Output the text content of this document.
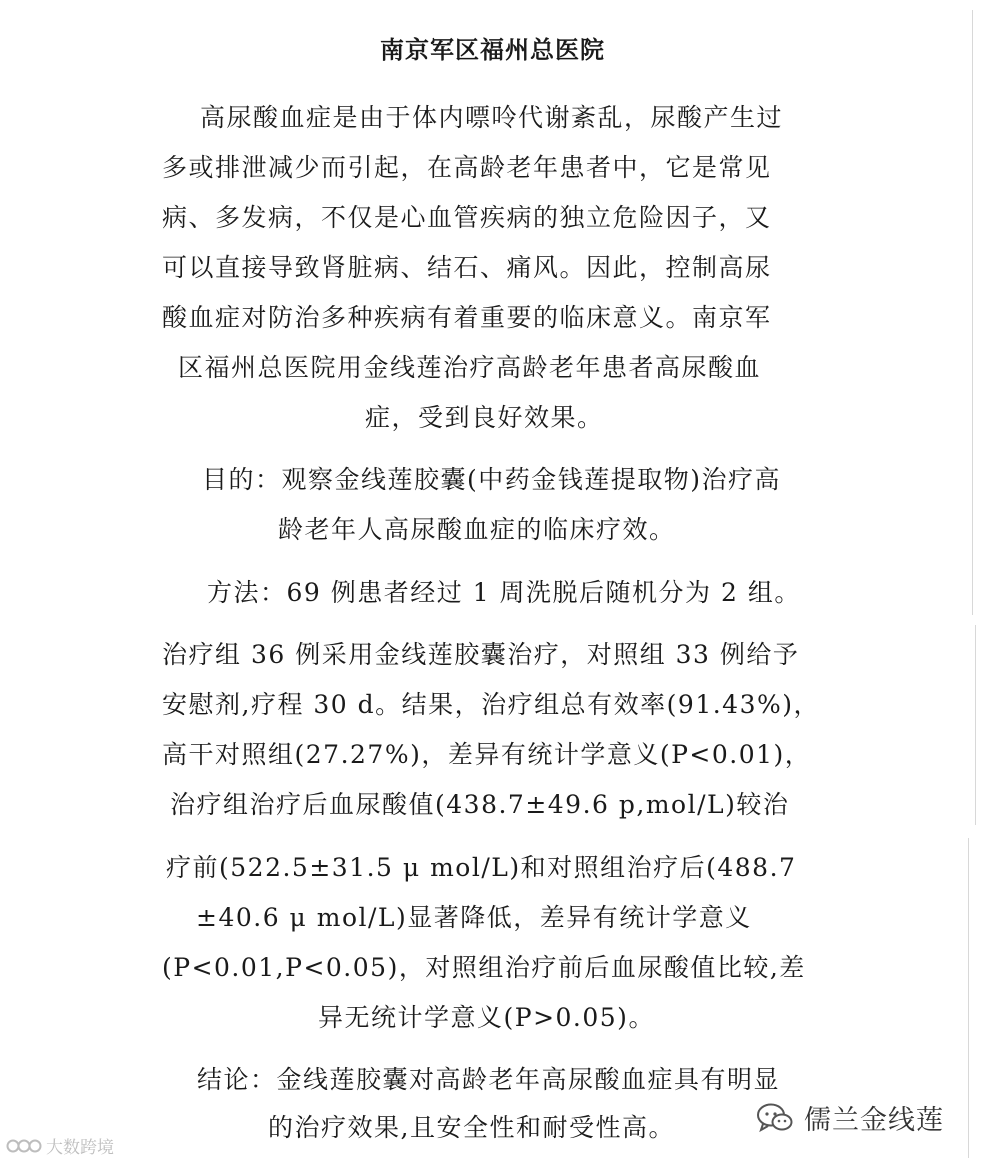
南京军区福州总医院

高尿酸血症是由于体内嘌呤代谢紊乱，尿酸产生过

多或排泄减少而引起，在高龄老年患者中，它是常见

病、多发病，不仅是心血管疾病的独立危险因子，又

可以直接导致肾脏病、结石、痛风。因此，控制高尿

酸血症对防治多种疾病有着重要的临床意义。南京军

区福州总医院用金线莲治疗高龄老年患者高尿酸血

症，受到良好效果。

目的：观察金线莲胶囊(中药金钱莲提取物)治疗高

龄老年人高尿酸血症的临床疗效。

方法：69 例患者经过 1 周洗脱后随机分为 2 组。

治疗组 36 例采用金线莲胶囊治疗，对照组 33 例给予

安慰剂,疗程 30 d。结果，治疗组总有效率(91.43%)，

高干对照组(27.27%)，差异有统计学意义(P<0.01)，

治疗组治疗后血尿酸值(438.7±49.6 p,mol/L)较治

疗前(522.5±31.5 μ mol/L)和对照组治疗后(488.7

±40.6 μ mol/L)显著降低，差异有统计学意义

(P<0.01,P<0.05)，对照组治疗前后血尿酸值比较,差

异无统计学意义(P>0.05)。

结论：金线莲胶囊对高龄老年高尿酸血症具有明显

的治疗效果,且安全性和耐受性高。

大数跨境
儒兰金线莲
